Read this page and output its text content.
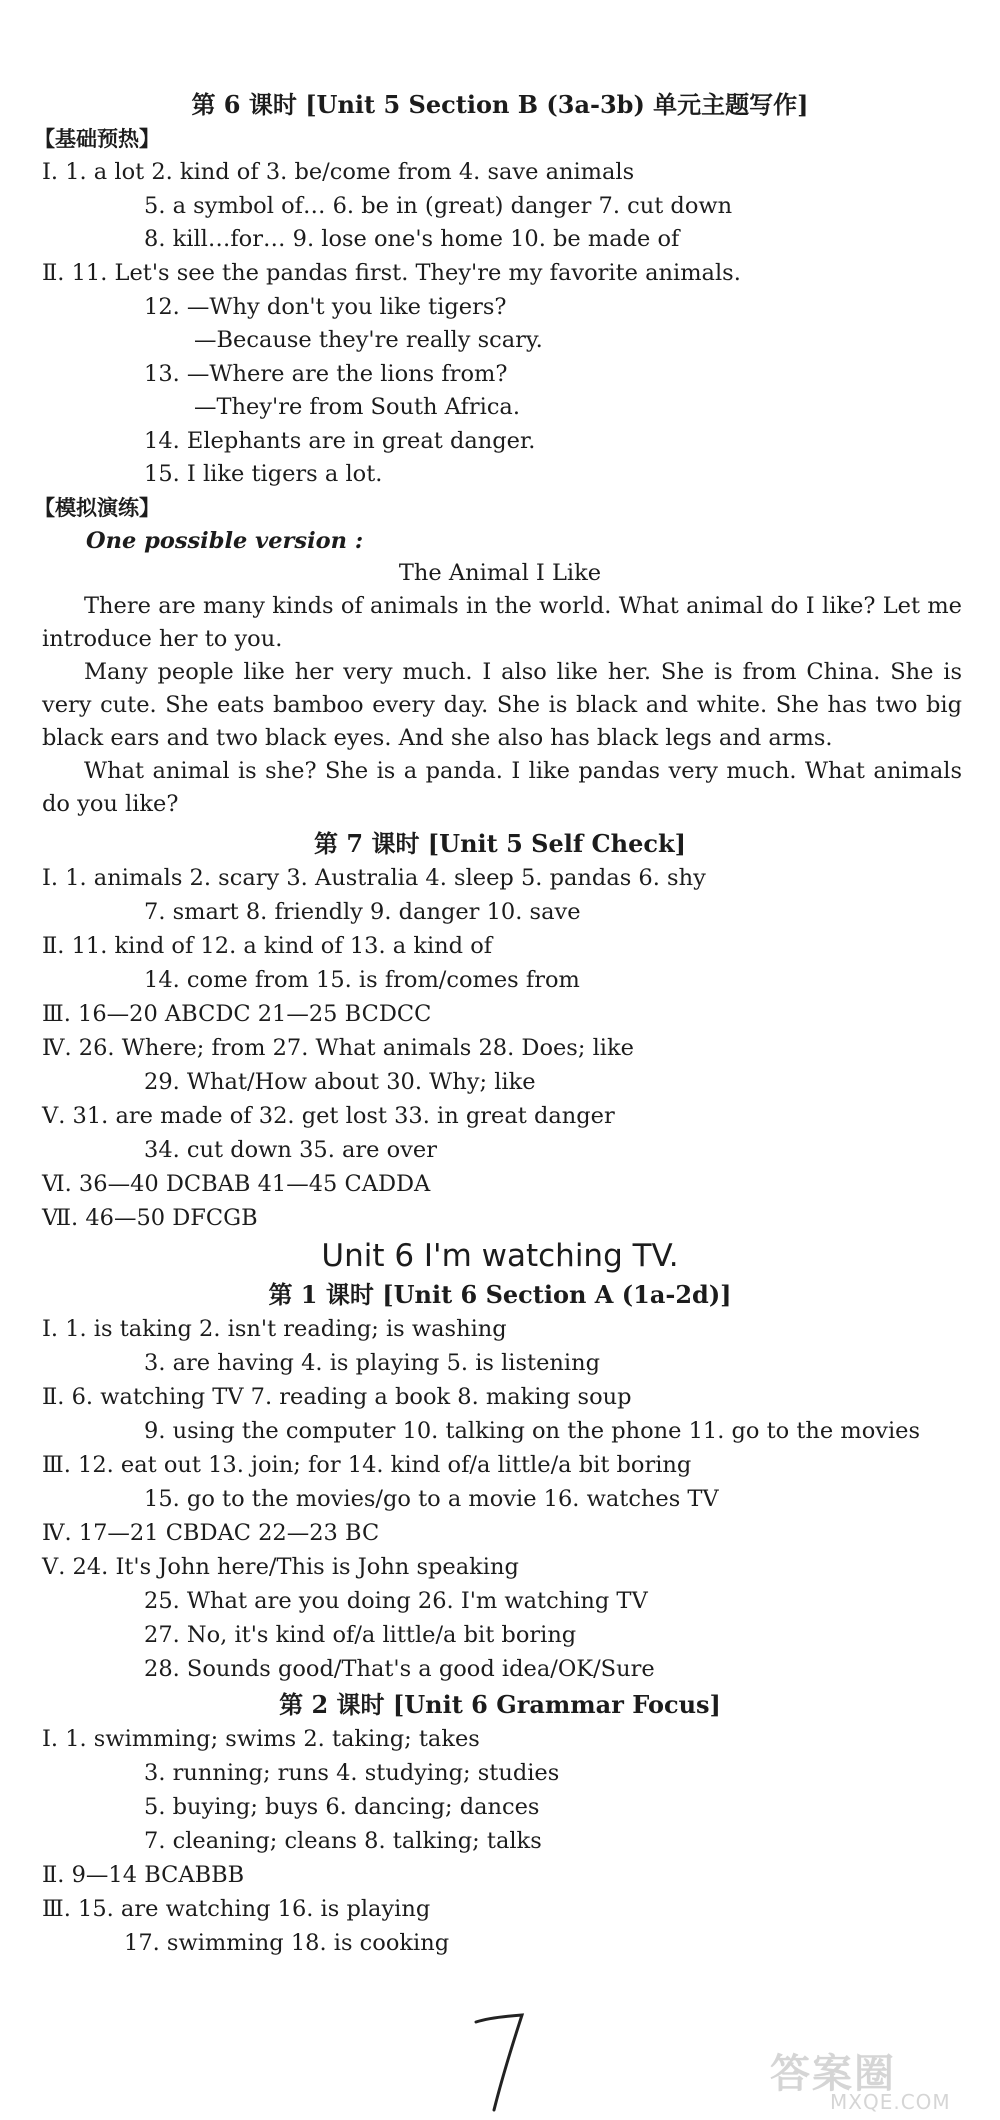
第 6 课时 [Unit 5 Section B (3a-3b) 单元主题写作]
【基础预热】
Ⅰ. 1. a lot 2. kind of 3. be/come from 4. save animals
5. a symbol of… 6. be in (great) danger 7. cut down
8. kill…for… 9. lose one's home 10. be made of
Ⅱ. 11. Let's see the pandas first. They're my favorite animals.
12. —Why don't you like tigers?
—Because they're really scary.
13. —Where are the lions from?
—They're from South Africa.
14. Elephants are in great danger.
15. I like tigers a lot.
【模拟演练】
One possible version :
The Animal I Like

There are many kinds of animals in the world. What animal do I like? Let me introduce her to you.

Many people like her very much. I also like her. She is from China. She is very cute. She eats bamboo every day. She is black and white. She has two big black ears and two black eyes. And she also has black legs and arms.

What animal is she? She is a panda. I like pandas very much. What animals do you like?

第 7 课时 [Unit 5 Self Check]
Ⅰ. 1. animals 2. scary 3. Australia 4. sleep 5. pandas 6. shy
7. smart 8. friendly 9. danger 10. save
Ⅱ. 11. kind of 12. a kind of 13. a kind of
14. come from 15. is from/comes from
Ⅲ. 16—20 ABCDC 21—25 BCDCC
Ⅳ. 26. Where; from 27. What animals 28. Does; like
29. What/How about 30. Why; like
Ⅴ. 31. are made of 32. get lost 33. in great danger
34. cut down 35. are over
Ⅵ. 36—40 DCBAB 41—45 CADDA
Ⅶ. 46—50 DFCGB
Unit 6 I'm watching TV.
第 1 课时 [Unit 6 Section A (1a-2d)]
Ⅰ. 1. is taking 2. isn't reading; is washing
3. are having 4. is playing 5. is listening
Ⅱ. 6. watching TV 7. reading a book 8. making soup
9. using the computer 10. talking on the phone 11. go to the movies
Ⅲ. 12. eat out 13. join; for 14. kind of/a little/a bit boring
15. go to the movies/go to a movie 16. watches TV
Ⅳ. 17—21 CBDAC 22—23 BC
Ⅴ. 24. It's John here/This is John speaking
25. What are you doing 26. I'm watching TV
27. No, it's kind of/a little/a bit boring
28. Sounds good/That's a good idea/OK/Sure
第 2 课时 [Unit 6 Grammar Focus]
Ⅰ. 1. swimming; swims 2. taking; takes
3. running; runs 4. studying; studies
5. buying; buys 6. dancing; dances
7. cleaning; cleans 8. talking; talks
Ⅱ. 9—14 BCABBB
Ⅲ. 15. are watching 16. is playing
17. swimming 18. is cooking
答案圈
MXQE.COM
